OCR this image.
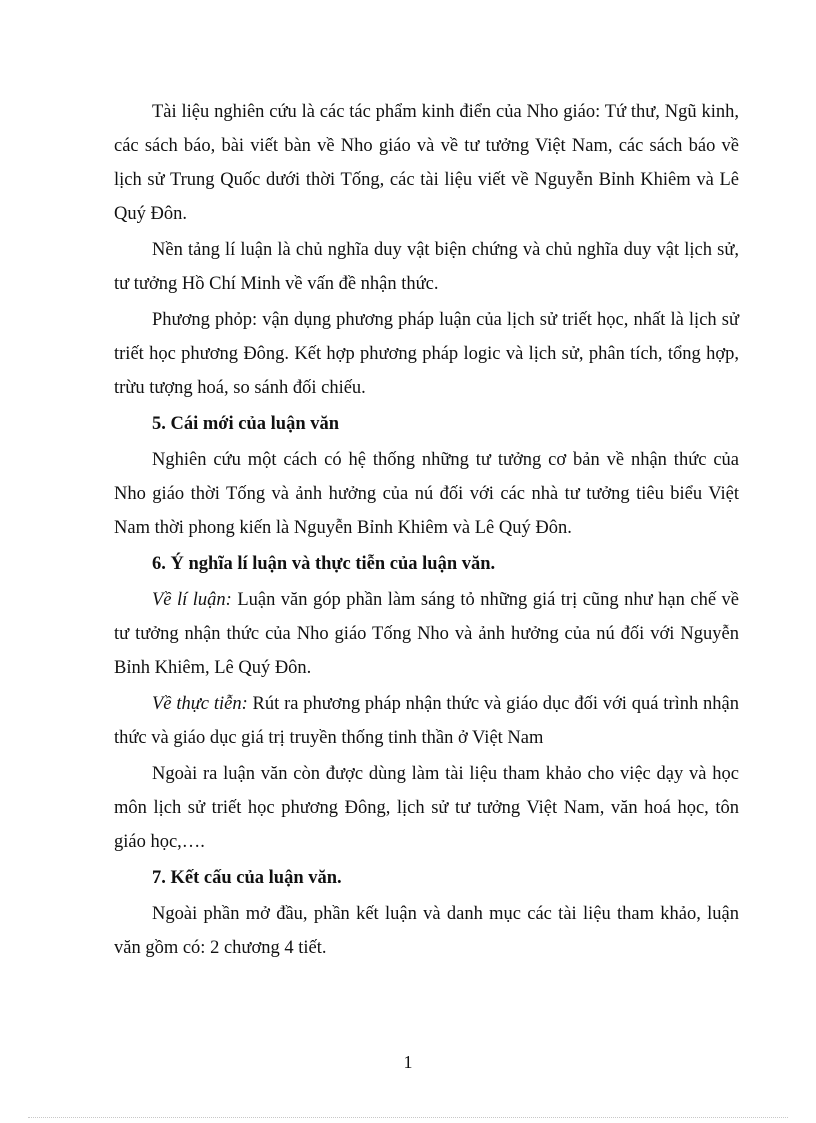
Tài liệu nghiên cứu là các tác phẩm kinh điển của Nho giáo: Tứ thư, Ngũ kinh, các sách báo, bài viết bàn về Nho giáo và về tư tưởng Việt Nam, các sách báo về lịch sử Trung Quốc dưới thời Tống, các tài liệu viết về Nguyễn Bỉnh Khiêm và Lê Quý Đôn.

Nền tảng lí luận là chủ nghĩa duy vật biện chứng và chủ nghĩa duy vật lịch sử, tư tưởng Hồ Chí Minh về vấn đề nhận thức.

Phương phỏp: vận dụng phương pháp luận của lịch sử triết học, nhất là lịch sử triết học phương Đông. Kết hợp phương pháp logic và lịch sử, phân tích, tổng hợp, trừu tượng hoá, so sánh đối chiếu.

5. Cái mới của luận văn

Nghiên cứu một cách có hệ thống những tư tưởng cơ bản về nhận thức của Nho giáo thời Tống và ảnh hưởng của nú đối với các nhà tư tưởng tiêu biểu Việt Nam thời phong kiến là Nguyễn Bỉnh Khiêm và Lê Quý Đôn.

6. Ý nghĩa lí luận và thực tiễn của luận văn.

Về lí luận: Luận văn góp phần làm sáng tỏ những giá trị cũng như hạn chế về tư tưởng nhận thức của Nho giáo Tống Nho và ảnh hưởng của nú đối với Nguyễn Bỉnh Khiêm, Lê Quý Đôn.

Về thực tiễn: Rút ra phương pháp nhận thức và giáo dục đối với quá trình nhận thức và giáo dục giá trị truyền thống tinh thần ở Việt Nam

Ngoài ra luận văn còn được dùng làm tài liệu tham khảo cho việc dạy và học môn lịch sử triết học phương Đông, lịch sử tư tưởng Việt Nam, văn hoá học, tôn giáo học,….

7. Kết cấu của luận văn.

Ngoài phần mở đầu, phần kết luận và danh mục các tài liệu tham khảo, luận văn gồm có: 2 chương 4 tiết.

1
